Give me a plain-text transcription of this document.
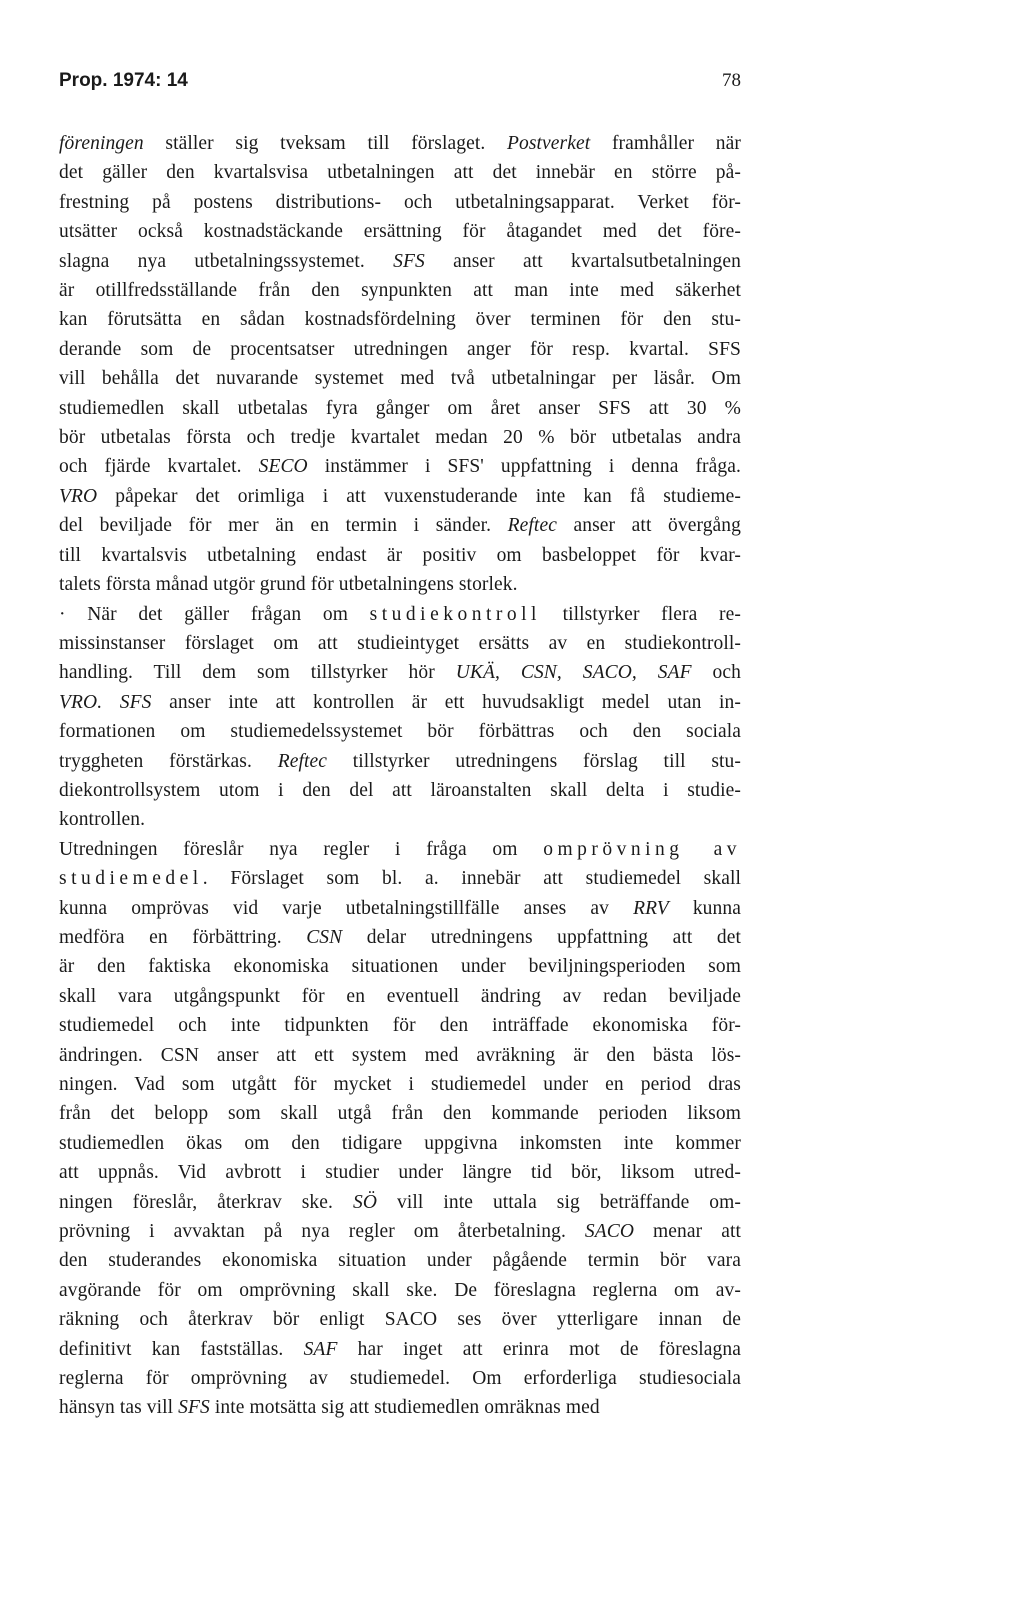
Prop. 1974: 14	78

föreningen ställer sig tveksam till förslaget. Postverket framhåller när
det gäller den kvartalsvisa utbetalningen att det innebär en större på-
frestning på postens distributions- och utbetalningsapparat. Verket för-
utsätter också kostnadstäckande ersättning för åtagandet med det före-
slagna nya utbetalningssystemet. SFS anser att kvartalsutbetalningen
är otillfredsställande från den synpunkten att man inte med säkerhet
kan förutsätta en sådan kostnadsfördelning över terminen för den stu-
derande som de procentsatser utredningen anger för resp. kvartal. SFS
vill behålla det nuvarande systemet med två utbetalningar per läsår. Om
studiemedlen skall utbetalas fyra gånger om året anser SFS att 30 %
bör utbetalas första och tredje kvartalet medan 20 % bör utbetalas andra
och fjärde kvartalet. SECO instämmer i SFS' uppfattning i denna fråga.
VRO påpekar det orimliga i att vuxenstuderande inte kan få studieme-
del beviljade för mer än en termin i sänder. Reftec anser att övergång
till kvartalsvis utbetalning endast är positiv om basbeloppet för kvar-
talets första månad utgör grund för utbetalningens storlek.

· När det gäller frågan om studiekontroll tillstyrker flera re-
missinstanser förslaget om att studieintyget ersätts av en studiekontroll-
handling. Till dem som tillstyrker hör UKÄ, CSN, SACO, SAF och
VRO. SFS anser inte att kontrollen är ett huvudsakligt medel utan in-
formationen om studiemedelssystemet bör förbättras och den sociala
tryggheten förstärkas. Reftec tillstyrker utredningens förslag till stu-
diekontrollsystem utom i den del att läroanstalten skall delta i studie-
kontrollen.

Utredningen föreslår nya regler i fråga om omprövning av
studiemedel. Förslaget som bl. a. innebär att studiemedel skall
kunna omprövas vid varje utbetalningstillfälle anses av RRV kunna
medföra en förbättring. CSN delar utredningens uppfattning att det
är den faktiska ekonomiska situationen under beviljningsperioden som
skall vara utgångspunkt för en eventuell ändring av redan beviljade
studiemedel och inte tidpunkten för den inträffade ekonomiska för-
ändringen. CSN anser att ett system med avräkning är den bästa lös-
ningen. Vad som utgått för mycket i studiemedel under en period dras
från det belopp som skall utgå från den kommande perioden liksom
studiemedlen ökas om den tidigare uppgivna inkomsten inte kommer
att uppnås. Vid avbrott i studier under längre tid bör, liksom utred-
ningen föreslår, återkrav ske. SÖ vill inte uttala sig beträffande om-
prövning i avvaktan på nya regler om återbetalning. SACO menar att
den studerandes ekonomiska situation under pågående termin bör vara
avgörande för om omprövning skall ske. De föreslagna reglerna om av-
räkning och återkrav bör enligt SACO ses över ytterligare innan de
definitivt kan fastställas. SAF har inget att erinra mot de föreslagna
reglerna för omprövning av studiemedel. Om erforderliga studiesociala
hänsyn tas vill SFS inte motsätta sig att studiemedlen omräknas med
